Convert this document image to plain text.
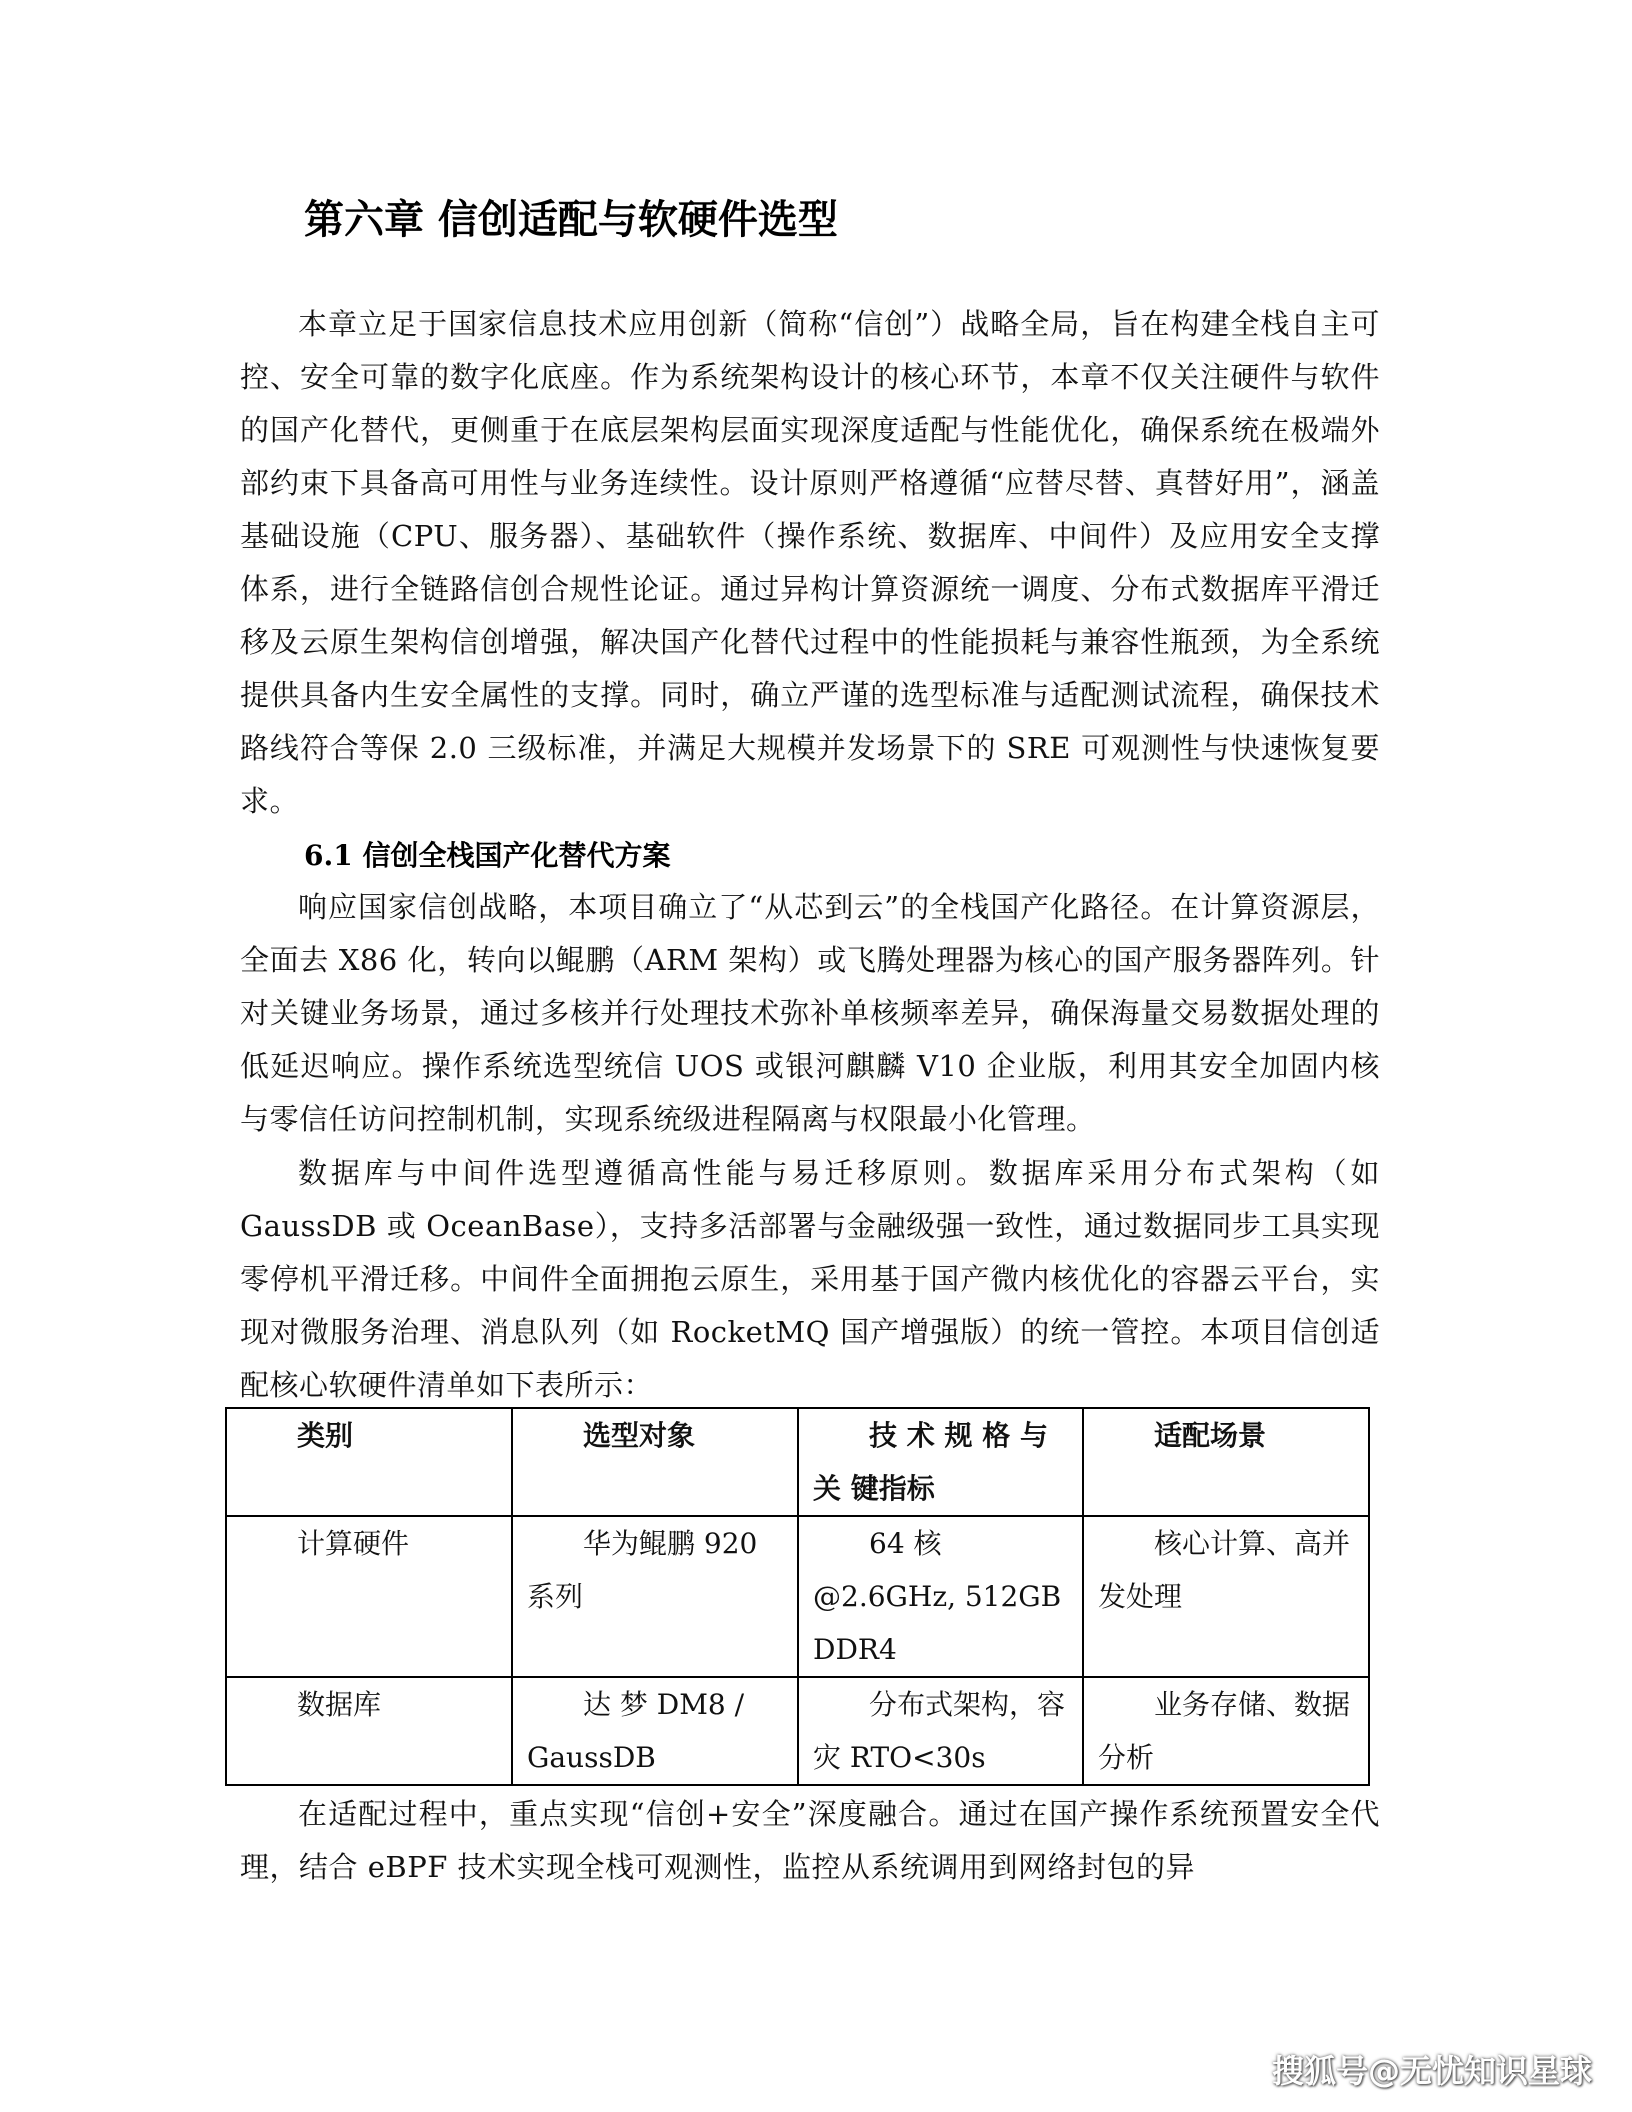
第六章 信创适配与软硬件选型

本章立足于国家信息技术应用创新（简称“信创”）战略全局，旨在构建全栈自主可控、安全可靠的数字化底座。作为系统架构设计的核心环节，本章不仅关注硬件与软件的国产化替代，更侧重于在底层架构层面实现深度适配与性能优化，确保系统在极端外部约束下具备高可用性与业务连续性。设计原则严格遵循“应替尽替、真替好用”，涵盖基础设施（CPU、服务器）、基础软件（操作系统、数据库、中间件）及应用安全支撑体系，进行全链路信创合规性论证。通过异构计算资源统一调度、分布式数据库平滑迁移及云原生架构信创增强，解决国产化替代过程中的性能损耗与兼容性瓶颈，为全系统提供具备内生安全属性的支撑。同时，确立严谨的选型标准与适配测试流程，确保技术路线符合等保 2.0 三级标准，并满足大规模并发场景下的 SRE 可观测性与快速恢复要求。

6.1 信创全栈国产化替代方案

响应国家信创战略，本项目确立了“从芯到云”的全栈国产化路径。在计算资源层，全面去 X86 化，转向以鲲鹏（ARM 架构）或飞腾处理器为核心的国产服务器阵列。针对关键业务场景，通过多核并行处理技术弥补单核频率差异，确保海量交易数据处理的低延迟响应。操作系统选型统信 UOS 或银河麒麟 V10 企业版，利用其安全加固内核与零信任访问控制机制，实现系统级进程隔离与权限最小化管理。

数据库与中间件选型遵循高性能与易迁移原则。数据库采用分布式架构（如 GaussDB 或 OceanBase），支持多活部署与金融级强一致性，通过数据同步工具实现零停机平滑迁移。中间件全面拥抱云原生，采用基于国产微内核优化的容器云平台，实现对微服务治理、消息队列（如 RocketMQ 国产增强版）的统一管控。本项目信创适配核心软硬件清单如下表所示：

类别	选型对象	技 术 规 格 与 关 键指标	适配场景
计算硬件	华为鲲鹏 920 系列	64 核@2.6GHz, 512GB DDR4	核心计算、高并发处理
数据库	达 梦 DM8 / GaussDB	分布式架构，容灾 RTO<30s	业务存储、数据分析

在适配过程中，重点实现“信创+安全”深度融合。通过在国产操作系统预置安全代理，结合 eBPF 技术实现全栈可观测性，监控从系统调用到网络封包的异

搜狐号@无忧知识星球
